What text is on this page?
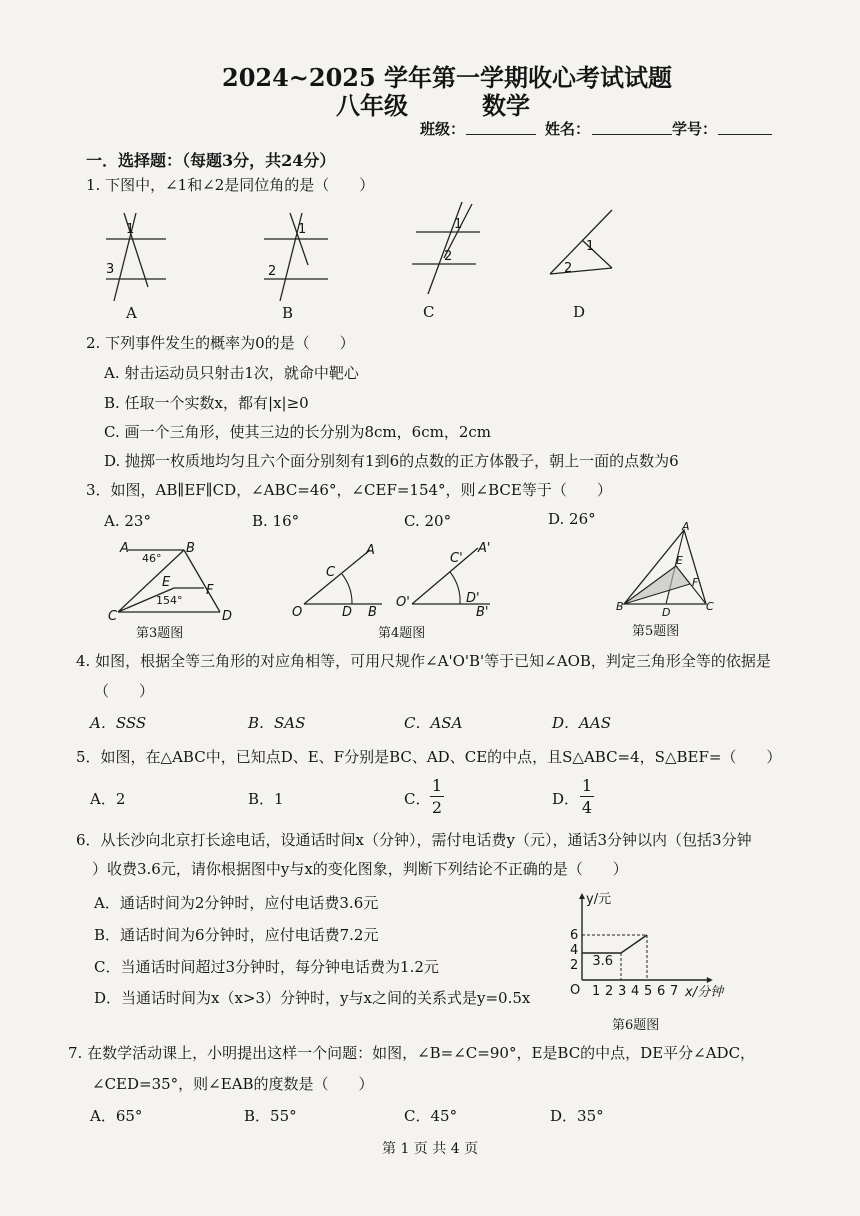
2024~2025 学年第一学期收心考试试题
八年级	数学
班级：	姓名：	学号：
一．选择题：（每题3分，共24分）
1. 下图中，∠1和∠2是同位角的是（　　）
1
3
A
1
2
B
1
2
C
1
2
D
2. 下列事件发生的概率为0的是（　　）
A. 射击运动员只射击1次，就命中靶心
B. 任取一个实数x，都有|x|≥0
C. 画一个三角形，使其三边的长分别为8cm，6cm，2cm
D. 抛掷一枚质地均匀且六个面分别刻有1到6的点数的正方体骰子，朝上一面的点数为6
3．如图，AB∥EF∥CD，∠ABC=46°，∠CEF=154°，则∠BCE等于（　　）
A. 23°	B. 16°	C. 20°	D. 26°
A	B
C	D
E
F
46°
154°
第3题图
O
A
B
C
D
O'
A'
B'
C'
D'
第4题图
A
B	C
D
E
F
第5题图
4. 如图，根据全等三角形的对应角相等，可用尺规作∠A'O'B'等于已知∠AOB，判定三角形全等的依据是
（　　）
A．SSS	B．SAS	C．ASA	D．AAS
5．如图，在△ABC中，已知点D、E、F分别是BC、AD、CE的中点，且S△ABC=4，S△BEF=（　　）
A．2	B．1	C．
1
2	D．
1
4
6．从长沙向北京打长途电话，设通话时间x（分钟），需付电话费y（元），通话3分钟以内（包括3分钟
）收费3.6元，请你根据图中y与x的变化图象，判断下列结论不正确的是（　　）
A．通话时间为2分钟时，应付电话费3.6元
B．通话时间为6分钟时，应付电话费7.2元
C．当通话时间超过3分钟时，每分钟电话费为1.2元
D．当通话时间为x（x>3）分钟时，y与x之间的关系式是y=0.5x
y/元
x/分钟
O
3.6
1 2 3 4 5 6 7
2
4
6
第6题图
7. 在数学活动课上，小明提出这样一个问题：如图，∠B=∠C=90°，E是BC的中点，DE平分∠ADC，
∠CED=35°，则∠EAB的度数是（　　）
A．65°	B．55°	C．45°	D．35°
第 1 页 共 4 页
